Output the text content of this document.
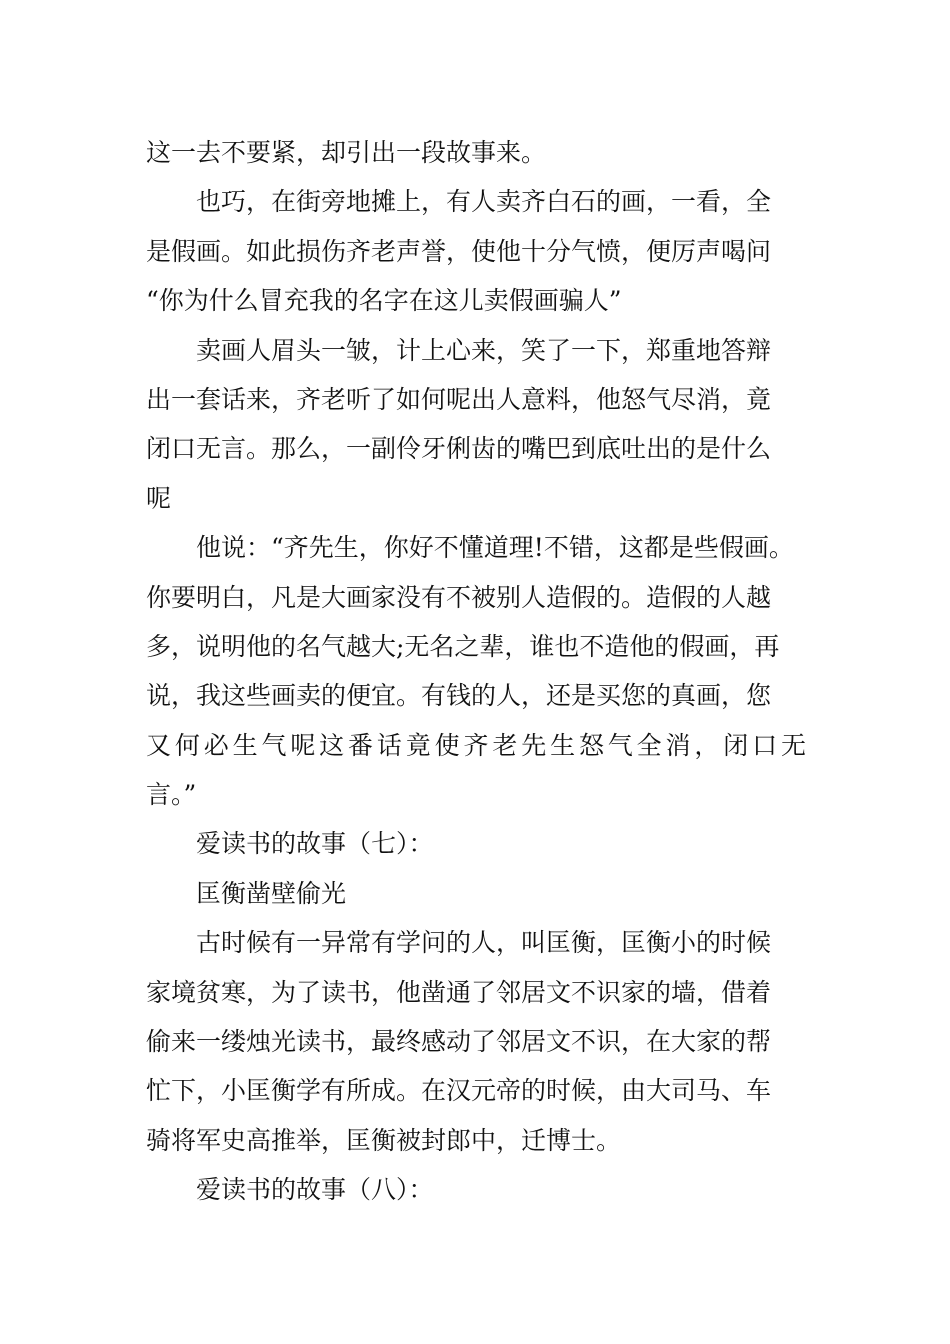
这一去不要紧，却引出一段故事来。
也巧，在街旁地摊上，有人卖齐白石的画，一看，全
是假画。如此损伤齐老声誉，使他十分气愤，便厉声喝问
“你为什么冒充我的名字在这儿卖假画骗人”
卖画人眉头一皱，计上心来，笑了一下，郑重地答辩
出一套话来，齐老听了如何呢出人意料，他怒气尽消，竟
闭口无言。那么，一副伶牙俐齿的嘴巴到底吐出的是什么
呢
他说：“齐先生，你好不懂道理!不错，这都是些假画。
你要明白，凡是大画家没有不被别人造假的。造假的人越
多，说明他的名气越大;无名之辈，谁也不造他的假画，再
说，我这些画卖的便宜。有钱的人，还是买您的真画，您
又何必生气呢这番话竟使齐老先生怒气全消，闭口无
言。”
爱读书的故事（七）：
匡衡凿壁偷光
古时候有一异常有学问的人，叫匡衡，匡衡小的时候
家境贫寒，为了读书，他凿通了邻居文不识家的墙，借着
偷来一缕烛光读书，最终感动了邻居文不识，在大家的帮
忙下，小匡衡学有所成。在汉元帝的时候，由大司马、车
骑将军史高推举，匡衡被封郎中，迁博士。
爱读书的故事（八）：
